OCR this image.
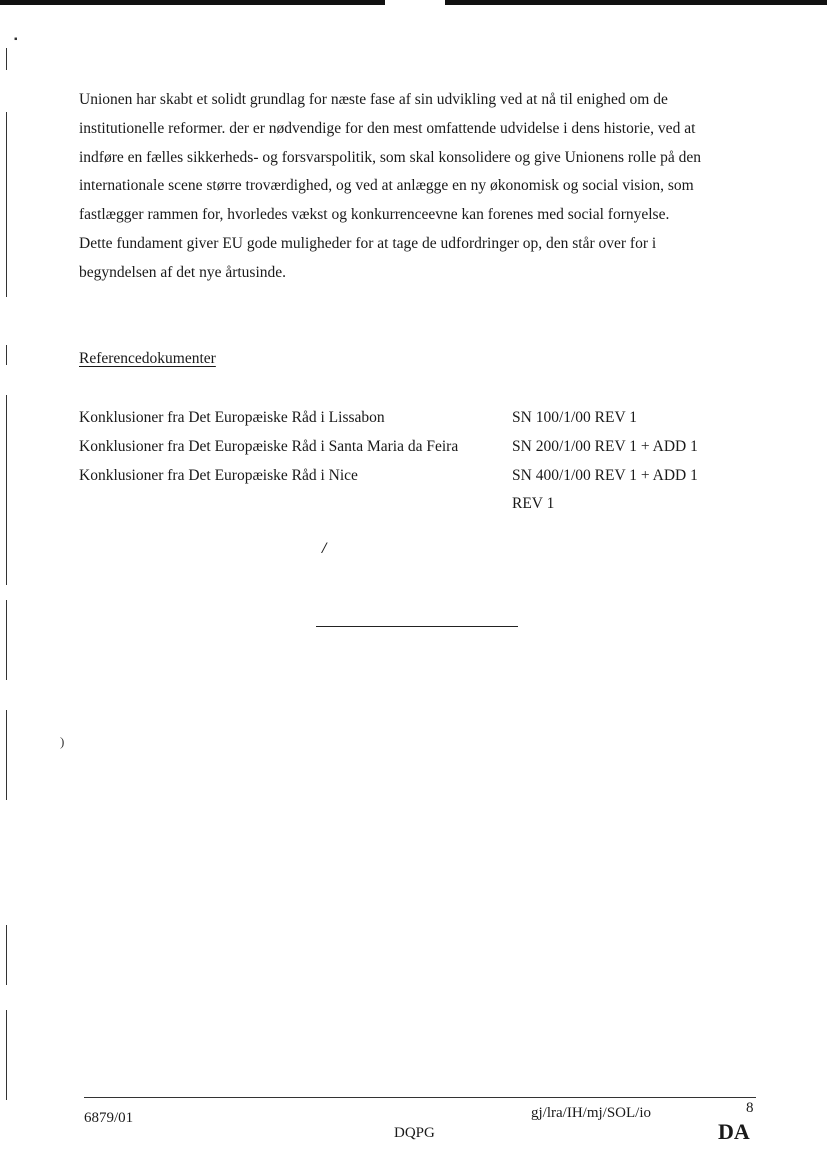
▪
)
Unionen har skabt et solidt grundlag for næste fase af sin udvikling ved at nå til enighed om de
institutionelle reformer. der er nødvendige for den mest omfattende udvidelse i dens historie, ved at
indføre en fælles sikkerheds- og forsvarspolitik, som skal konsolidere og give Unionens rolle på den
internationale scene større troværdighed, og ved at anlægge en ny økonomisk og social vision, som
fastlægger rammen for, hvorledes vækst og konkurrenceevne kan forenes med social fornyelse.
Dette fundament giver EU gode muligheder for at tage de udfordringer op, den står over for i
begyndelsen af det nye årtusinde.
Referencedokumenter
Konklusioner fra Det Europæiske Råd i Lissabon	SN 100/1/00 REV 1
Konklusioner fra Det Europæiske Råd i Santa Maria da Feira	SN 200/1/00 REV 1 + ADD 1
Konklusioner fra Det Europæiske Råd i Nice	SN 400/1/00 REV 1 + ADD 1
REV 1
/
6879/01
DQPG
gj/lra/IH/mj/SOL/io	8
DA
